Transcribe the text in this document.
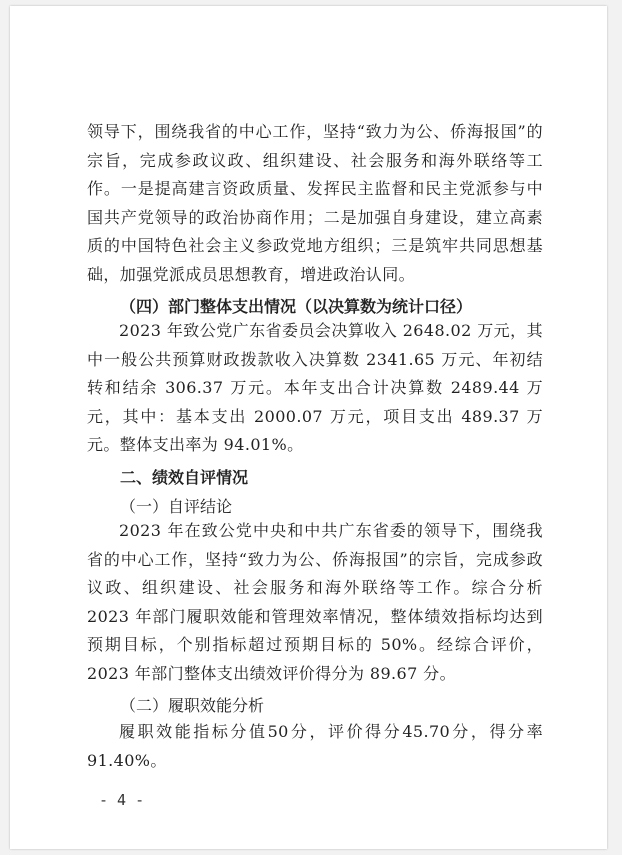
领导下，围绕我省的中心工作，坚持“致力为公、侨海报国”的宗旨，完成参政议政、组织建设、社会服务和海外联络等工作。一是提高建言资政质量、发挥民主监督和民主党派参与中国共产党领导的政治协商作用；二是加强自身建设，建立高素质的中国特色社会主义参政党地方组织；三是筑牢共同思想基础，加强党派成员思想教育，增进政治认同。

（四）部门整体支出情况（以决算数为统计口径）

2023 年致公党广东省委员会决算收入 2648.02 万元，其中一般公共预算财政拨款收入决算数 2341.65 万元、年初结转和结余 306.37 万元。本年支出合计决算数 2489.44 万元，其中：基本支出 2000.07 万元，项目支出 489.37 万元。整体支出率为 94.01%。

二、绩效自评情况

（一）自评结论

2023 年在致公党中央和中共广东省委的领导下，围绕我省的中心工作，坚持“致力为公、侨海报国”的宗旨，完成参政议政、组织建设、社会服务和海外联络等工作。综合分析 2023 年部门履职效能和管理效率情况，整体绩效指标均达到预期目标，个别指标超过预期目标的 50%。经综合评价，2023 年部门整体支出绩效评价得分为 89.67 分。

（二）履职效能分析

履职效能指标分值50分，评价得分45.70分，得分率91.40%。

- 4 -
